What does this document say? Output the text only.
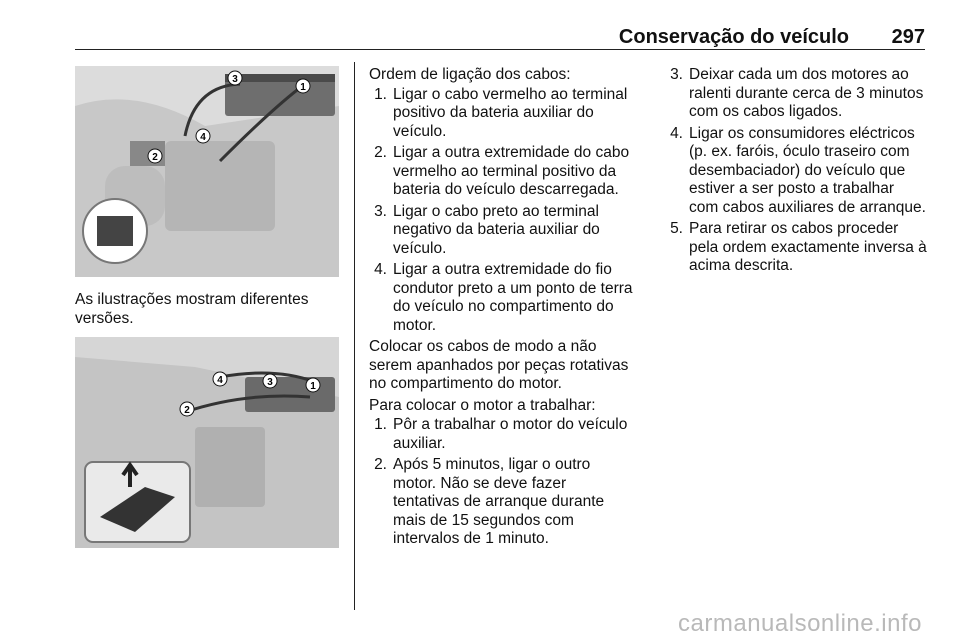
Conservação do veículo 297
3
1
2
4
As ilustrações mostram diferentes versões.
4	3	1
2
Ordem de ligação dos cabos:
1. Ligar o cabo vermelho ao terminal positivo da bateria auxiliar do veículo.
2. Ligar a outra extremidade do cabo vermelho ao terminal positivo da bateria do veículo descarregada.
3. Ligar o cabo preto ao terminal negativo da bateria auxiliar do veículo.
4. Ligar a outra extremidade do fio condutor preto a um ponto de terra do veículo no compartimento do motor.
Colocar os cabos de modo a não serem apanhados por peças rotativas no compartimento do motor.
Para colocar o motor a trabalhar:
1. Pôr a trabalhar o motor do veículo auxiliar.
2. Após 5 minutos, ligar o outro motor. Não se deve fazer tentativas de arranque durante mais de 15 segundos com intervalos de 1 minuto.
3. Deixar cada um dos motores ao ralenti durante cerca de 3 minutos com os cabos ligados.
4. Ligar os consumidores eléctricos (p. ex. faróis, óculo traseiro com desembaciador) do veículo que estiver a ser posto a trabalhar com cabos auxiliares de arranque.
5. Para retirar os cabos proceder pela ordem exactamente inversa à acima descrita.
carmanualsonline.info
